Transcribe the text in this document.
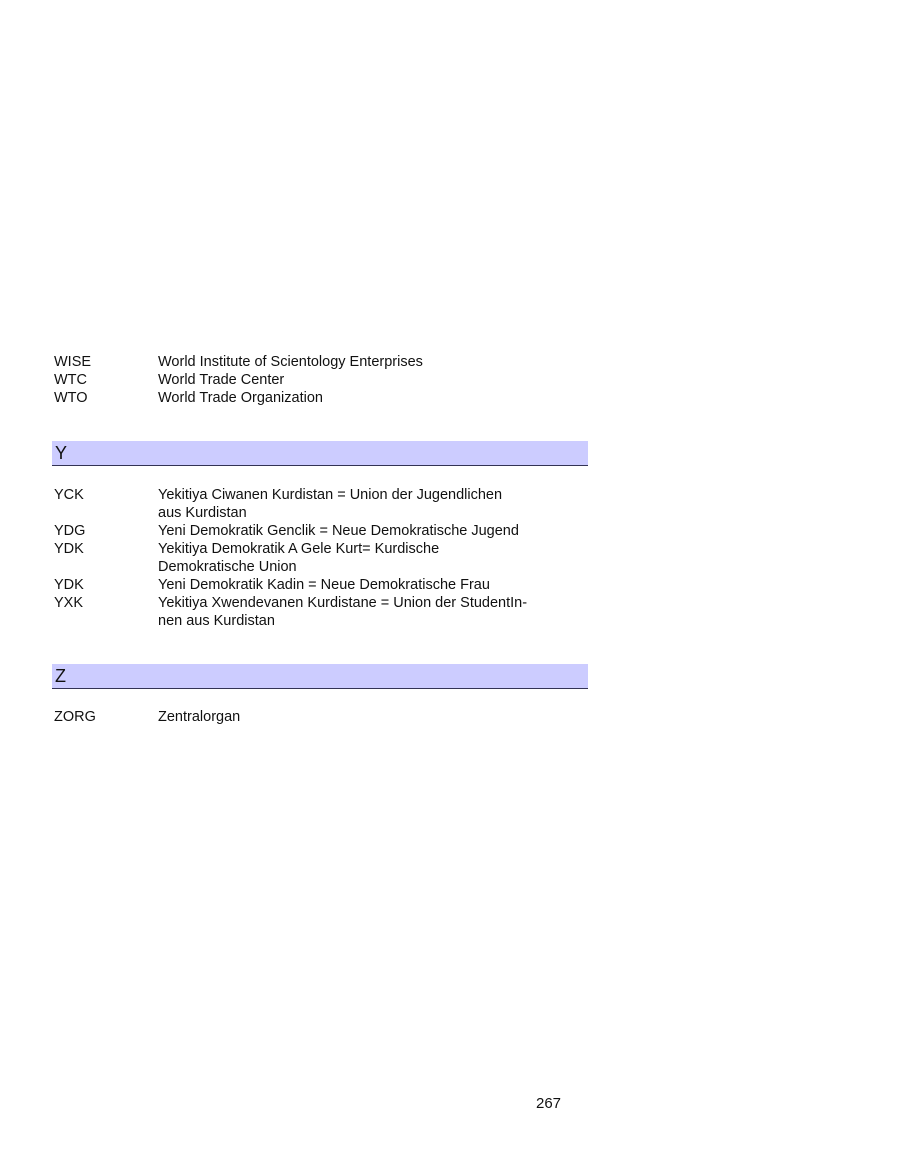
WISE	World Institute of Scientology Enterprises
WTC	World Trade Center
WTO	World Trade Organization
Y
YCK	Yekitiya Ciwanen Kurdistan = Union der Jugendlichen
aus Kurdistan
YDG	Yeni Demokratik Genclik = Neue Demokratische Jugend
YDK	Yekitiya Demokratik A Gele Kurt= Kurdische
Demokratische Union
YDK	Yeni Demokratik Kadin = Neue Demokratische Frau
YXK	Yekitiya Xwendevanen Kurdistane = Union der StudentIn-
nen aus Kurdistan
Z
ZORG	Zentralorgan
267
